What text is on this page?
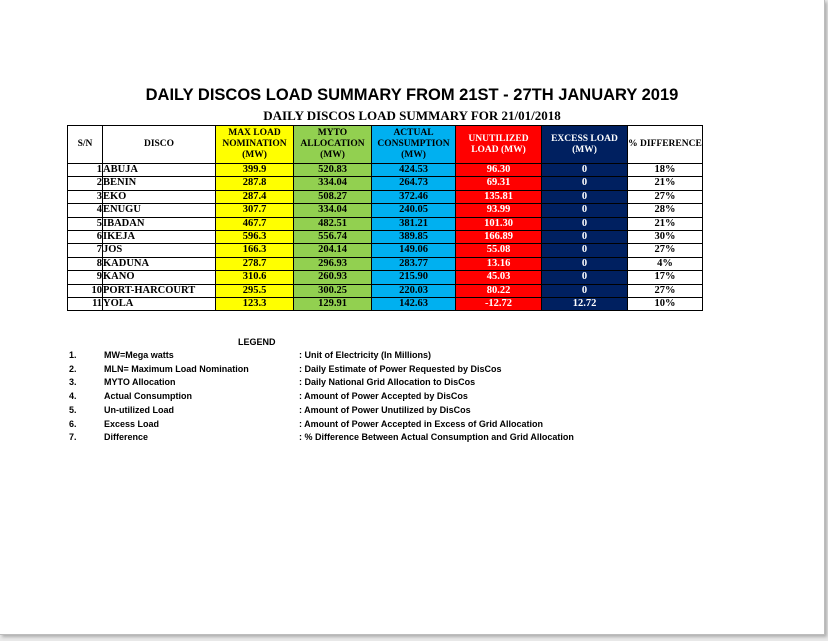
DAILY DISCOS LOAD SUMMARY FROM 21ST - 27TH JANUARY 2019
DAILY DISCOS LOAD SUMMARY FOR 21/01/2018
S/N	DISCO	MAX LOAD NOMINATION (MW)	MYTO ALLOCATION (MW)	ACTUAL CONSUMPTION (MW)	UNUTILIZED LOAD (MW)	EXCESS LOAD (MW)	% DIFFERENCE
1	ABUJA	399.9	520.83	424.53	96.30	0	18%
2	BENIN	287.8	334.04	264.73	69.31	0	21%
3	EKO	287.4	508.27	372.46	135.81	0	27%
4	ENUGU	307.7	334.04	240.05	93.99	0	28%
5	IBADAN	467.7	482.51	381.21	101.30	0	21%
6	IKEJA	596.3	556.74	389.85	166.89	0	30%
7	JOS	166.3	204.14	149.06	55.08	0	27%
8	KADUNA	278.7	296.93	283.77	13.16	0	4%
9	KANO	310.6	260.93	215.90	45.03	0	17%
10	PORT-HARCOURT	295.5	300.25	220.03	80.22	0	27%
11	YOLA	123.3	129.91	142.63	-12.72	12.72	10%
LEGEND
1.	MW=Mega watts	: Unit of Electricity (In Millions)
2.	MLN= Maximum Load Nomination	: Daily Estimate of Power Requested by DisCos
3.	MYTO Allocation	: Daily National Grid Allocation to DisCos
4.	Actual Consumption	: Amount of Power Accepted by DisCos
5.	Un-utilized Load	: Amount of Power Unutilized by DisCos
6.	Excess Load	: Amount of Power Accepted in Excess of Grid Allocation
7.	Difference	: % Difference Between Actual Consumption and Grid Allocation
